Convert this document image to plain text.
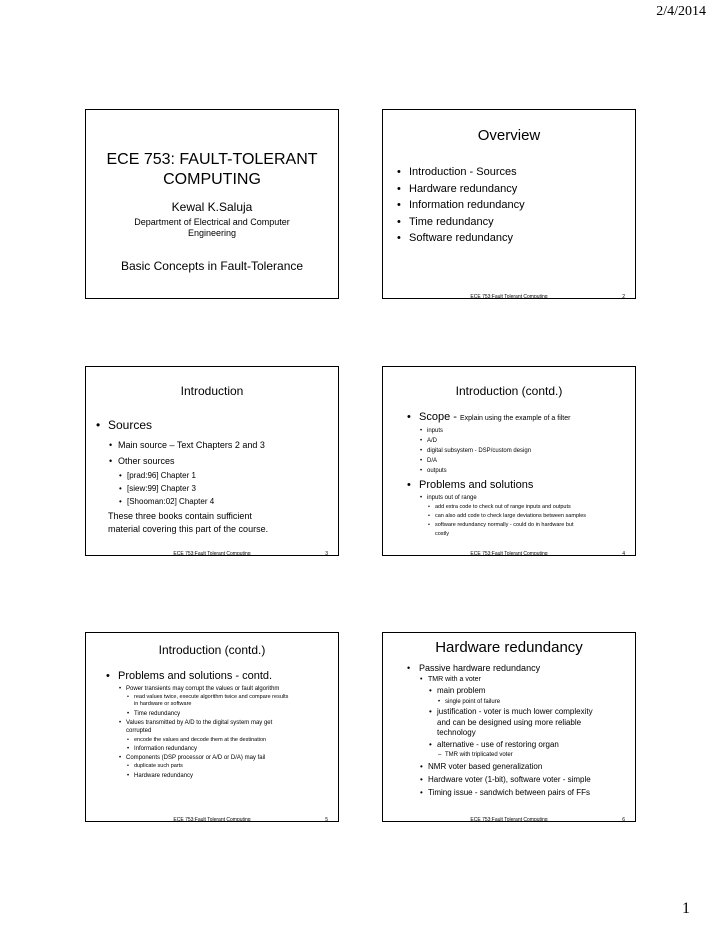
2/4/2014
ECE 753: FAULT-TOLERANT
COMPUTING
Kewal K.Saluja
Department of Electrical and Computer
Engineering
Basic Concepts in Fault-Tolerance
Overview
• Introduction - Sources
• Hardware redundancy
• Information redundancy
• Time redundancy
• Software redundancy
ECE 753:Fault Tolerant Computing	2
Introduction
• Sources
• Main source – Text Chapters 2 and 3
• Other sources
• [prad:96] Chapter 1
• [siew:99] Chapter 3
• [Shooman:02] Chapter 4
These three books contain sufficient
material covering this part of the course.
ECE 753:Fault Tolerant Computing	3
Introduction (contd.)
• Scope - Explain using the example of a filter
• inputs
• A/D
• digital subsystem - DSP/custom design
• D/A
• outputs
• Problems and solutions
• inputs out of range
• add extra code to check out of range inputs and outputs
• can also add code to check large deviations between samples
• software redundancy normally - could do in hardware but
costly
ECE 753:Fault Tolerant Computing	4
Introduction (contd.)
• Problems and solutions - contd.
• Power transients may corrupt the values or fault algorithm
• read values twice, execute algorithm twice and compare results
in hardware or software
• Time redundancy
• Values transmitted by A/D to the digital system may get
corrupted
• encode the values and decode them at the destination
• Information redundancy
• Components (DSP processor or A/D or D/A) may fail
• duplicate such parts
• Hardware redundancy
ECE 753:Fault Tolerant Computing	5
Hardware redundancy
• Passive hardware redundancy
• TMR with a voter
• main problem
• single point of failure
• justification - voter is much lower complexity
and can be designed using more reliable
technology
• alternative - use of restoring organ
– TMR with triplicated voter
• NMR voter based generalization
• Hardware voter (1-bit), software voter - simple
• Timing issue - sandwich between pairs of FFs
ECE 753:Fault Tolerant Computing	6
1
